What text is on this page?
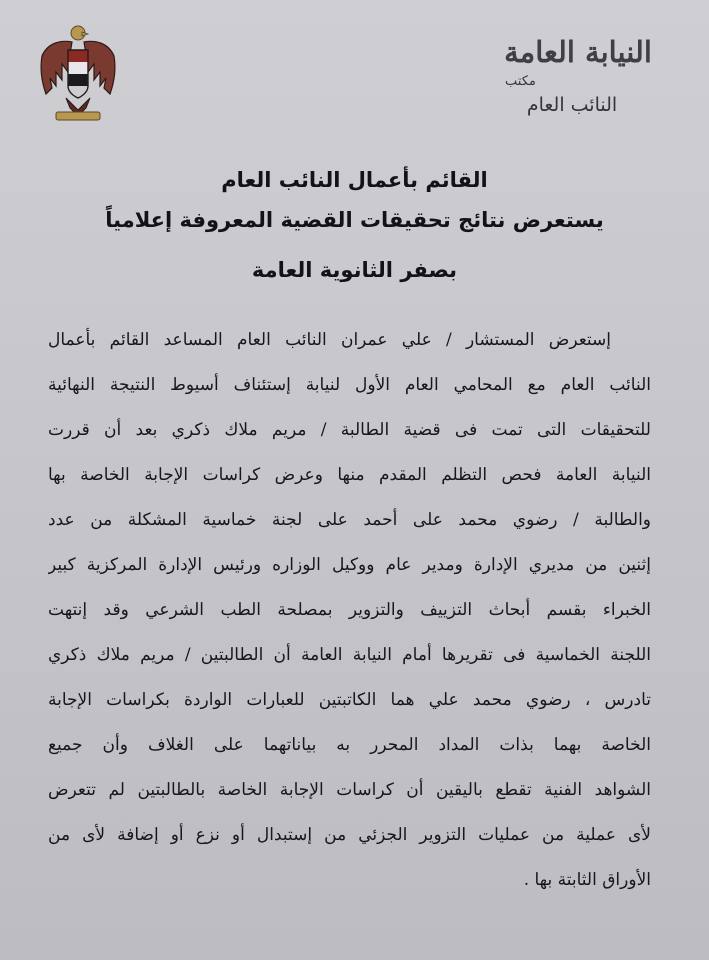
النيابة العامة
مكتب
النائب العام
القائم بأعمال النائب العام
يستعرض نتائج تحقيقات القضية المعروفة إعلامياً
بصفر الثانوية العامة
إستعرض المستشار / علي عمران النائب العام المساعد القائم بأعمال
النائب العام مع المحامي العام الأول لنيابة إستئناف أسيوط النتيجة النهائية
للتحقيقات التى تمت فى قضية الطالبة / مريم ملاك ذكري بعد أن قررت
النيابة العامة فحص التظلم المقدم منها وعرض كراسات الإجابة الخاصة بها
والطالبة / رضوي محمد على أحمد على لجنة خماسية المشكلة من عدد
إثنين من مديري الإدارة ومدير عام ووكيل الوزاره ورئيس الإدارة المركزية كبير
الخبراء بقسم أبحاث التزييف والتزوير بمصلحة الطب الشرعي وقد إنتهت
اللجنة الخماسية فى تقريرها أمام النيابة العامة أن الطالبتين / مريم ملاك ذكري
تادرس ، رضوي محمد علي هما الكاتبتين للعبارات الواردة بكراسات الإجابة
الخاصة بهما بذات المداد المحرر به بياناتهما على الغلاف وأن جميع
الشواهد الفنية تقطع باليقين أن كراسات الإجابة الخاصة بالطالبتين لم تتعرض
لأى عملية من عمليات التزوير الجزئي من إستبدال أو نزع أو إضافة لأى من
الأوراق الثابتة بها .
